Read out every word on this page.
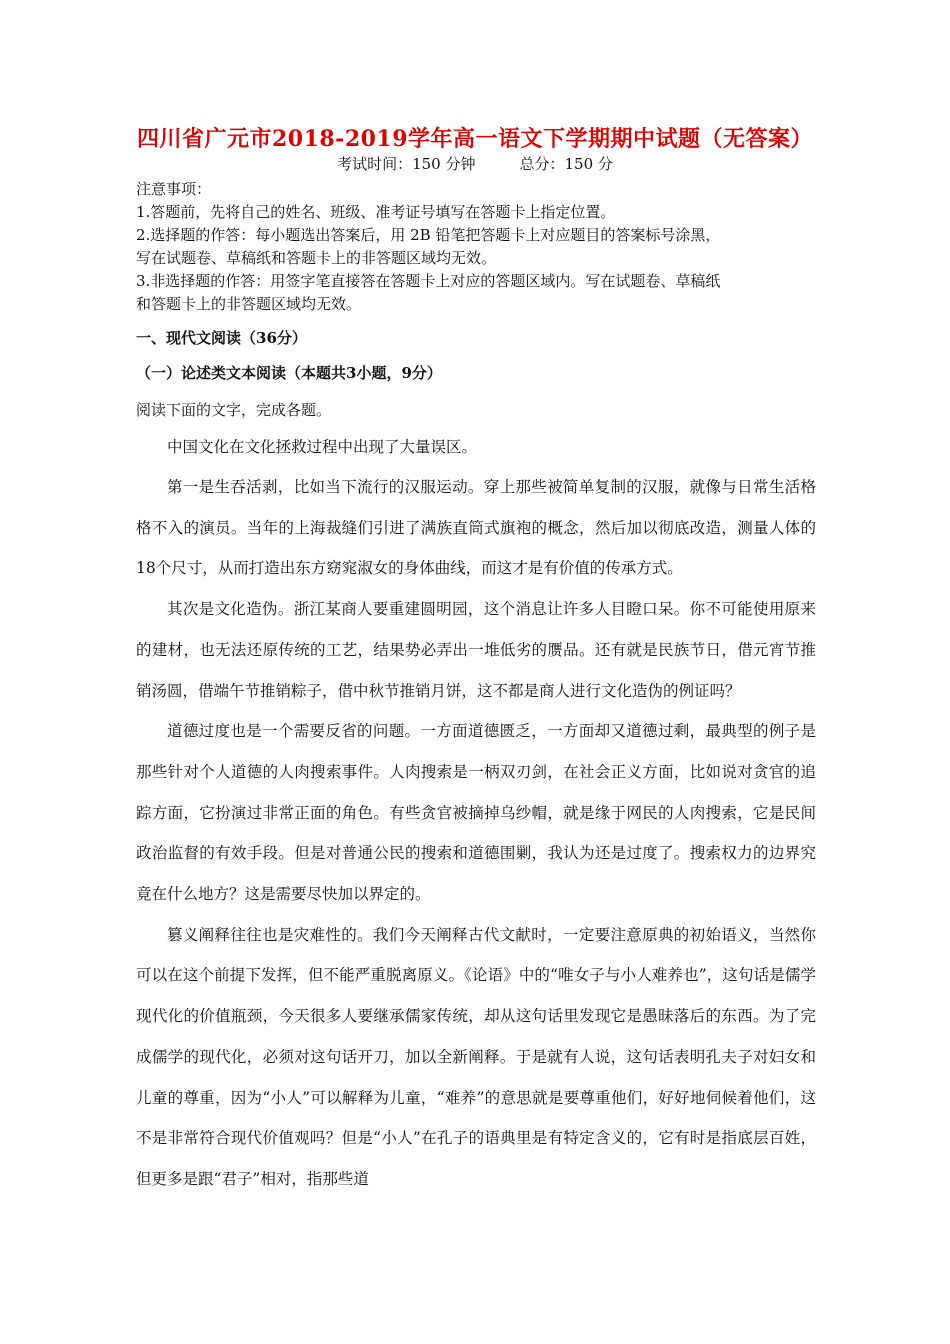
四川省广元市2018-2019学年高一语文下学期期中试题（无答案）
考试时间：150 分钟	总分：150 分
注意事项：
1.答题前，先将自己的姓名、班级、准考证号填写在答题卡上指定位置。
2.选择题的作答：每小题选出答案后，用 2B 铅笔把答题卡上对应题目的答案标号涂黑，
写在试题卷、草稿纸和答题卡上的非答题区域均无效。
3.非选择题的作答：用签字笔直接答在答题卡上对应的答题区域内。写在试题卷、草稿纸
和答题卡上的非答题区域均无效。
一、现代文阅读（36分）
（一）论述类文本阅读（本题共3小题，9分）
阅读下面的文字，完成各题。

中国文化在文化拯救过程中出现了大量误区。

第一是生吞活剥，比如当下流行的汉服运动。穿上那些被简单复制的汉服，就像与日常生活格格不入的演员。当年的上海裁缝们引进了满族直筒式旗袍的概念，然后加以彻底改造，测量人体的18个尺寸，从而打造出东方窈窕淑女的身体曲线，而这才是有价值的传承方式。

其次是文化造伪。浙江某商人要重建圆明园，这个消息让许多人目瞪口呆。你不可能使用原来的建材，也无法还原传统的工艺，结果势必弄出一堆低劣的赝品。还有就是民族节日，借元宵节推销汤圆，借端午节推销粽子，借中秋节推销月饼，这不都是商人进行文化造伪的例证吗？

道德过度也是一个需要反省的问题。一方面道德匮乏，一方面却又道德过剩，最典型的例子是那些针对个人道德的人肉搜索事件。人肉搜索是一柄双刃剑，在社会正义方面，比如说对贪官的追踪方面，它扮演过非常正面的角色。有些贪官被摘掉乌纱帽，就是缘于网民的人肉搜索，它是民间政治监督的有效手段。但是对普通公民的搜索和道德围剿，我认为还是过度了。搜索权力的边界究竟在什么地方？这是需要尽快加以界定的。

篡义阐释往往也是灾难性的。我们今天阐释古代文献时，一定要注意原典的初始语义，当然你可以在这个前提下发挥，但不能严重脱离原义。《论语》中的“唯女子与小人难养也”，这句话是儒学现代化的价值瓶颈，今天很多人要继承儒家传统，却从这句话里发现它是愚昧落后的东西。为了完成儒学的现代化，必须对这句话开刀，加以全新阐释。于是就有人说，这句话表明孔夫子对妇女和儿童的尊重，因为“小人”可以解释为儿童，“难养”的意思就是要尊重他们，好好地伺候着他们，这不是非常符合现代价值观吗？但是“小人”在孔子的语典里是有特定含义的，它有时是指底层百姓，但更多是跟“君子”相对，指那些道
